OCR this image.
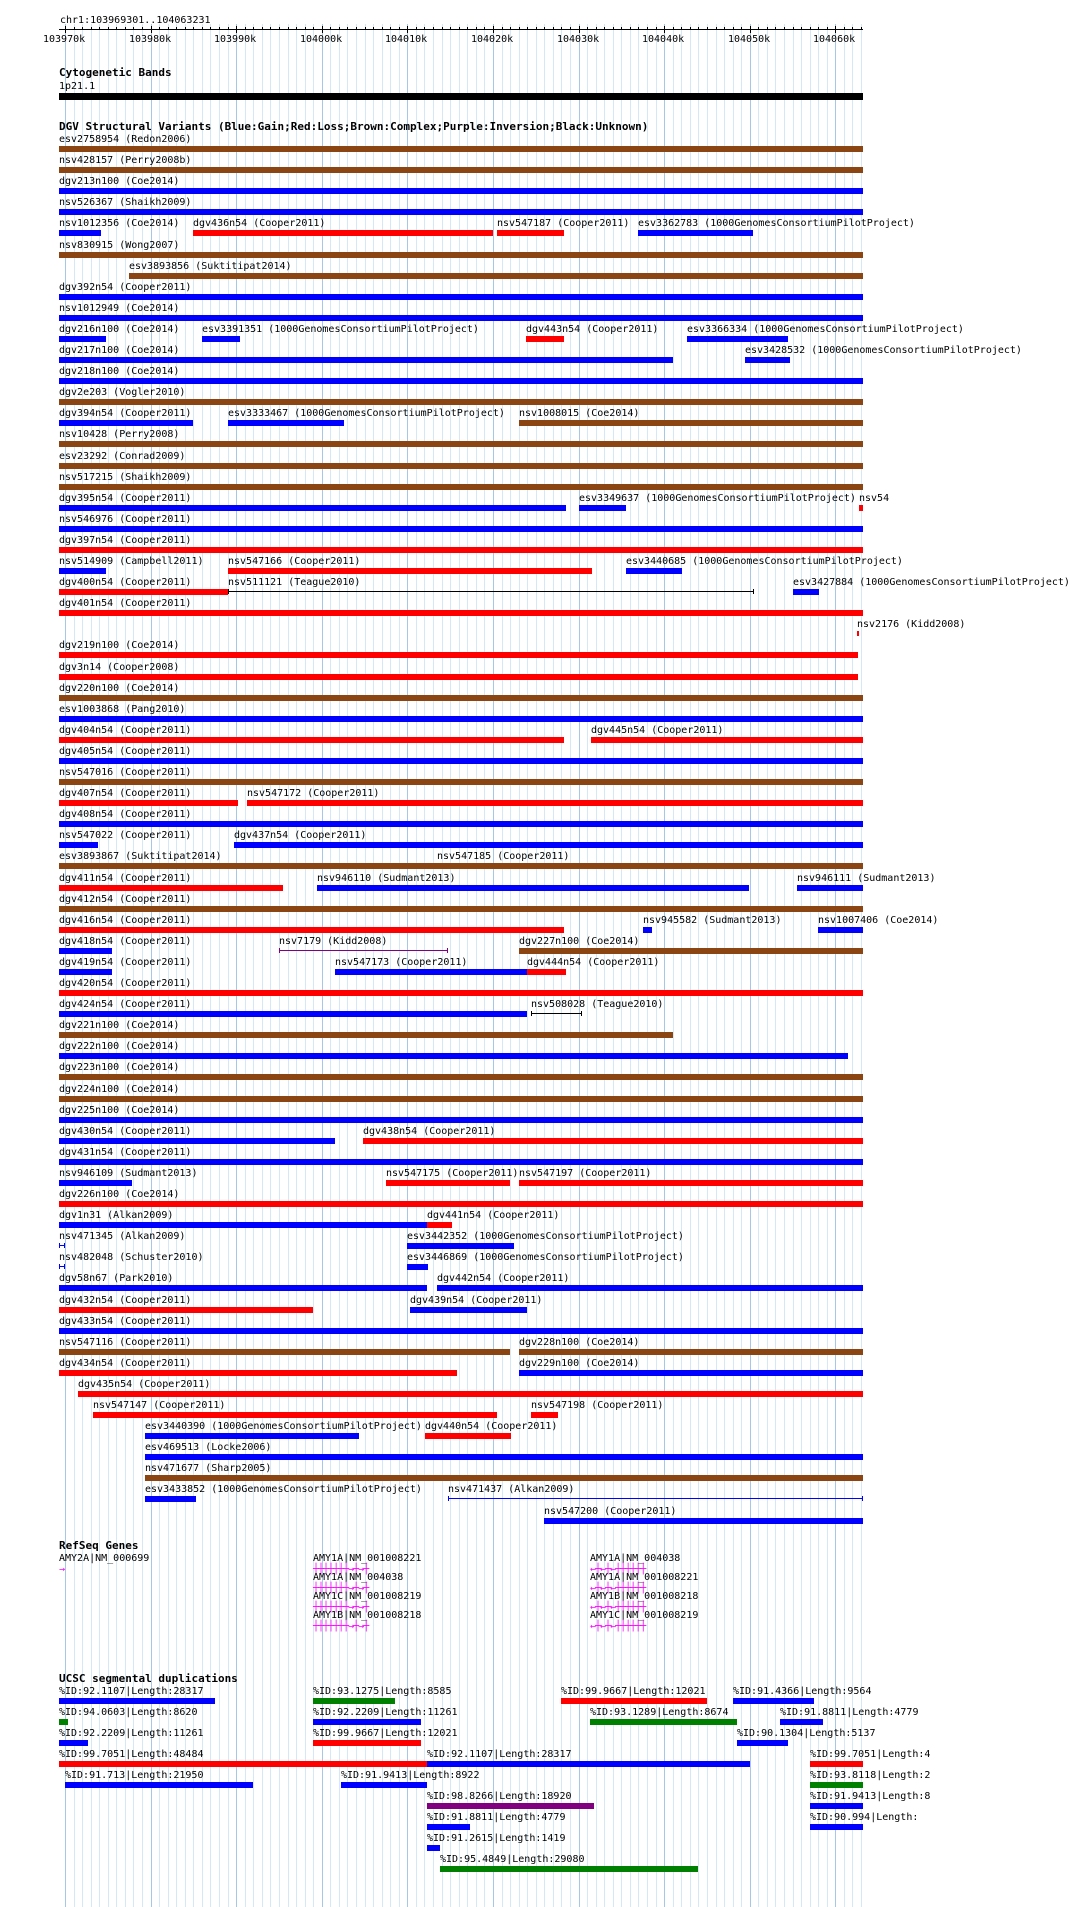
chr1:103969301..104063231
103970k	103980k	103990k	104000k	104010k	104020k	104030k	104040k	104050k	104060k
Cytogenetic Bands
1p21.1
DGV Structural Variants (Blue:Gain;Red:Loss;Brown:Complex;Purple:Inversion;Black:Unknown)
esv2758954 (Redon2006)
nsv428157 (Perry2008b)
dgv213n100 (Coe2014)
nsv526367 (Shaikh2009)
nsv1012356 (Coe2014) dgv436n54 (Cooper2011)	nsv547187 (Cooper2011) esv3362783 (1000GenomesConsortiumPilotProject)
nsv830915 (Wong2007)
esv3893856 (Suktitipat2014)
dgv392n54 (Cooper2011)
nsv1012949 (Coe2014)
dgv216n100 (Coe2014) esv3391351 (1000GenomesConsortiumPilotProject)	dgv443n54 (Cooper2011)	esv3366334 (1000GenomesConsortiumPilotProject)
dgv217n100 (Coe2014)	esv3428532 (1000GenomesConsortiumPilotProject)
dgv218n100 (Coe2014)
dgv2e203 (Vogler2010)
dgv394n54 (Cooper2011)	esv3333467 (1000GenomesConsortiumPilotProject) nsv1008015 (Coe2014)
nsv10428 (Perry2008)
esv23292 (Conrad2009)
nsv517215 (Shaikh2009)
dgv395n54 (Cooper2011)	esv3349637 (1000GenomesConsortiumPilotProject) nsv54
nsv546976 (Cooper2011)
dgv397n54 (Cooper2011)
nsv514909 (Campbell2011) nsv547166 (Cooper2011)	esv3440685 (1000GenomesConsortiumPilotProject)
dgv400n54 (Cooper2011)	nsv511121 (Teague2010)	esv3427884 (1000GenomesConsortiumPilotProject)
dgv401n54 (Cooper2011)
nsv2176 (Kidd2008)
dgv219n100 (Coe2014)
dgv3n14 (Cooper2008)
dgv220n100 (Coe2014)
esv1003868 (Pang2010)
dgv404n54 (Cooper2011)	dgv445n54 (Cooper2011)
dgv405n54 (Cooper2011)
nsv547016 (Cooper2011)
dgv407n54 (Cooper2011)	nsv547172 (Cooper2011)
dgv408n54 (Cooper2011)
nsv547022 (Cooper2011)	dgv437n54 (Cooper2011)
esv3893867 (Suktitipat2014)	nsv547185 (Cooper2011)
dgv411n54 (Cooper2011)	nsv946110 (Sudmant2013)	nsv946111 (Sudmant2013)
dgv412n54 (Cooper2011)
dgv416n54 (Cooper2011)	nsv945582 (Sudmant2013)	nsv1007406 (Coe2014)
dgv418n54 (Cooper2011)	nsv7179 (Kidd2008)	dgv227n100 (Coe2014)
dgv419n54 (Cooper2011)	nsv547173 (Cooper2011)	dgv444n54 (Cooper2011)
dgv420n54 (Cooper2011)
dgv424n54 (Cooper2011)	nsv508028 (Teague2010)
dgv221n100 (Coe2014)
dgv222n100 (Coe2014)
dgv223n100 (Coe2014)
dgv224n100 (Coe2014)
dgv225n100 (Coe2014)
dgv430n54 (Cooper2011)	dgv438n54 (Cooper2011)
dgv431n54 (Cooper2011)
nsv946109 (Sudmant2013)	nsv547175 (Cooper2011) nsv547197 (Cooper2011)
dgv226n100 (Coe2014)
dgv1n31 (Alkan2009)	dgv441n54 (Cooper2011)
nsv471345 (Alkan2009)	esv3442352 (1000GenomesConsortiumPilotProject)
nsv482048 (Schuster2010)	esv3446869 (1000GenomesConsortiumPilotProject)
dgv58n67 (Park2010)	dgv442n54 (Cooper2011)
dgv432n54 (Cooper2011)	dgv439n54 (Cooper2011)
dgv433n54 (Cooper2011)
nsv547116 (Cooper2011)	dgv228n100 (Coe2014)
dgv434n54 (Cooper2011)	dgv229n100 (Coe2014)
dgv435n54 (Cooper2011)
nsv547147 (Cooper2011)	nsv547198 (Cooper2011)
esv3440390 (1000GenomesConsortiumPilotProject) dgv440n54 (Cooper2011)
esv469513 (Locke2006)
nsv471677 (Sharp2005)
esv3433852 (1000GenomesConsortiumPilotProject)	nsv471437 (Alkan2009)
nsv547200 (Cooper2011)
RefSeq Genes
AMY2A|NM_000699
→
AMY1A|NM_001008221
┼┼┼┼┼┼┼→┼→┼
AMY1A|NM_004038
┼┼┼┼┼┼┼→┼→┼
AMY1C|NM_001008219
┼┼┼┼┼┼┼→┼→┼
AMY1B|NM_001008218
┼┼┼┼┼┼┼→┼→┼
AMY1A|NM_004038
←┼←┼←┼┼┼┼┼┼
AMY1A|NM_001008221
←┼←┼←┼┼┼┼┼┼
AMY1B|NM_001008218
←┼←┼←┼┼┼┼┼┼
AMY1C|NM_001008219
←┼←┼←┼┼┼┼┼┼
UCSC segmental duplications
%ID:92.1107|Length:28317	%ID:93.1275|Length:8585	%ID:99.9667|Length:12021	%ID:91.4366|Length:9564
%ID:94.0603|Length:8620	%ID:92.2209|Length:11261	%ID:93.1289|Length:8674	%ID:91.8811|Length:4779
%ID:92.2209|Length:11261	%ID:99.9667|Length:12021	%ID:90.1304|Length:5137
%ID:99.7051|Length:48484	%ID:92.1107|Length:28317	%ID:99.7051|Length:4
%ID:91.713|Length:21950	%ID:91.9413|Length:8922	%ID:93.8118|Length:2
%ID:98.8266|Length:18920	%ID:91.9413|Length:8
%ID:91.8811|Length:4779	%ID:90.994|Length:
%ID:91.2615|Length:1419
%ID:95.4849|Length:29080
